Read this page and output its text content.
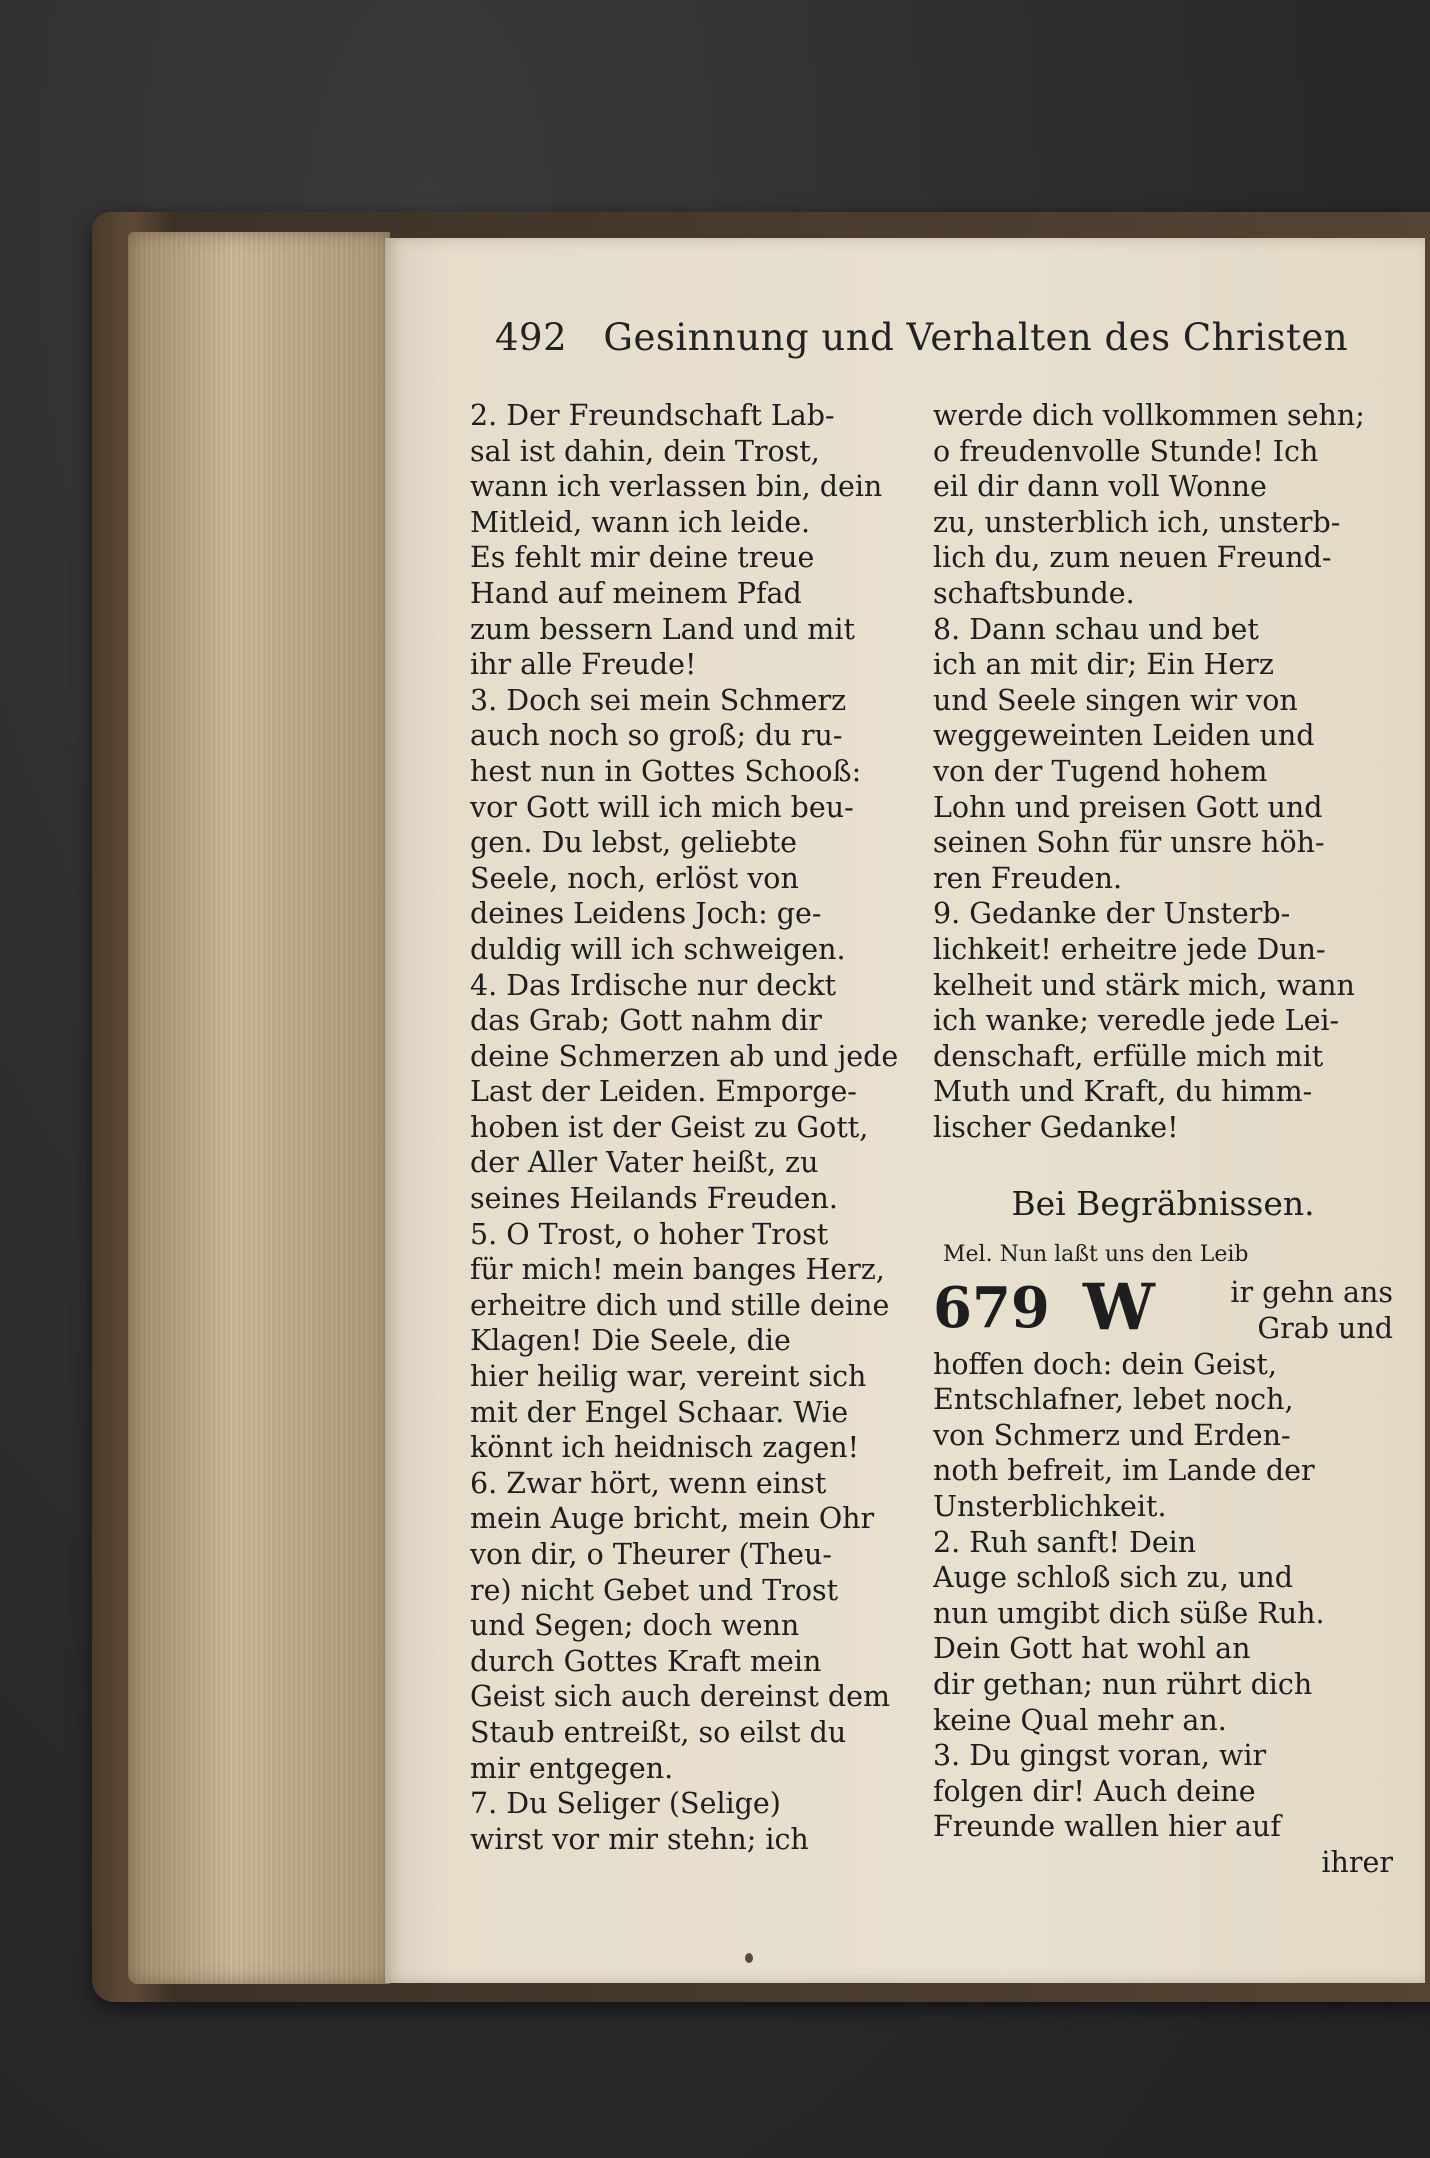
492 Gesinnung und Verhalten des Christen
2. Der Freundschaft Lab-
sal ist dahin, dein Trost,
wann ich verlassen bin, dein
Mitleid, wann ich leide.
Es fehlt mir deine treue
Hand auf meinem Pfad
zum bessern Land und mit
ihr alle Freude!
3. Doch sei mein Schmerz
auch noch so groß; du ru-
hest nun in Gottes Schooß:
vor Gott will ich mich beu-
gen. Du lebst, geliebte
Seele, noch, erlöst von
deines Leidens Joch: ge-
duldig will ich schweigen.
4. Das Irdische nur deckt
das Grab; Gott nahm dir
deine Schmerzen ab und jede
Last der Leiden. Emporge-
hoben ist der Geist zu Gott,
der Aller Vater heißt, zu
seines Heilands Freuden.
5. O Trost, o hoher Trost
für mich! mein banges Herz,
erheitre dich und stille deine
Klagen! Die Seele, die
hier heilig war, vereint sich
mit der Engel Schaar. Wie
könnt ich heidnisch zagen!
6. Zwar hört, wenn einst
mein Auge bricht, mein Ohr
von dir, o Theurer (Theu-
re) nicht Gebet und Trost
und Segen; doch wenn
durch Gottes Kraft mein
Geist sich auch dereinst dem
Staub entreißt, so eilst du
mir entgegen.
7. Du Seliger (Selige)
wirst vor mir stehn; ich
werde dich vollkommen sehn;
o freudenvolle Stunde! Ich
eil dir dann voll Wonne
zu, unsterblich ich, unsterb-
lich du, zum neuen Freund-
schaftsbunde.
8. Dann schau und bet
ich an mit dir; Ein Herz
und Seele singen wir von
weggeweinten Leiden und
von der Tugend hohem
Lohn und preisen Gott und
seinen Sohn für unsre höh-
ren Freuden.
9. Gedanke der Unsterb-
lichkeit! erheitre jede Dun-
kelheit und stärk mich, wann
ich wanke; veredle jede Lei-
denschaft, erfülle mich mit
Muth und Kraft, du himm-
lischer Gedanke!
Bei Begräbnissen.
Mel. Nun laßt uns den Leib
679 W	ir gehn ans
Grab und
hoffen doch: dein Geist,
Entschlafner, lebet noch,
von Schmerz und Erden-
noth befreit, im Lande der
Unsterblichkeit.
2. Ruh sanft! Dein
Auge schloß sich zu, und
nun umgibt dich süße Ruh.
Dein Gott hat wohl an
dir gethan; nun rührt dich
keine Qual mehr an.
3. Du gingst voran, wir
folgen dir! Auch deine
Freunde wallen hier auf
ihrer
